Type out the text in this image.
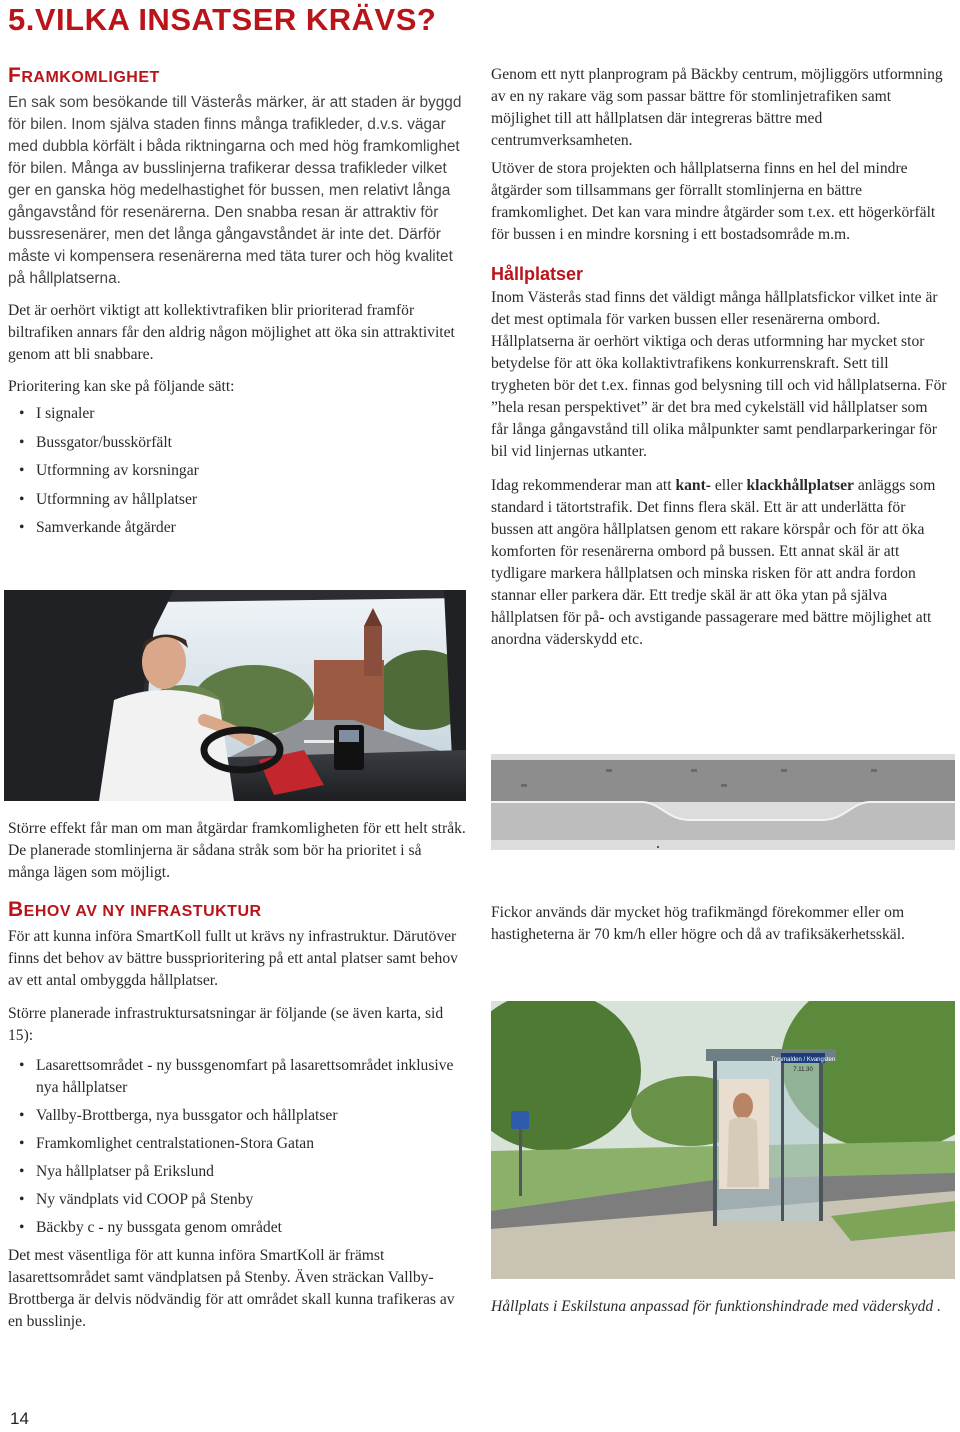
5.VILKA INSATSER KRÄVS?
FRAMKOMLIGHET

En sak som besökande till Västerås märker, är att staden är byggd för bilen. Inom själva staden finns många trafikleder, d.v.s. vägar med dubbla körfält i båda riktningarna och med hög framkomlighet för bilen. Många av busslinjerna trafikerar dessa trafikleder vilket ger en ganska hög medelhastighet för bussen, men relativt långa gångavstånd för resenärerna. Den snabba resan är attraktiv för bussresenärer, men det långa gångavståndet är inte det. Därför måste vi kompensera resenärerna med täta turer och hög kvalitet på hållplatserna.

Det är oerhört viktigt att kollektivtrafiken blir prioriterad framför biltrafiken annars får den aldrig någon möjlighet att öka sin attraktivitet genom att bli snabbare.

Prioritering kan ske på följande sätt:

• I signaler
• Bussgator/busskörfält
• Utformning av korsningar
• Utformning av hållplatser
• Samverkande åtgärder

Större effekt får man om man åtgärdar framkomligheten för ett helt stråk. De planerade stomlinjerna är sådana stråk som bör ha prioritet i så många lägen som möjligt.

BEHOV AV NY INFRASTUKTUR

För att kunna införa SmartKoll fullt ut krävs ny infrastruktur. Därutöver finns det behov av bättre bussprioritering på ett antal platser samt behov av ett antal ombyggda hållplatser.

Större planerade infrastruktursatsningar är följande (se även karta, sid 15):

• Lasarettsområdet - ny bussgenomfart på lasarettsområdet inklusive nya hållplatser
• Vallby-Brottberga, nya bussgator och hållplatser
• Framkomlighet centralstationen-Stora Gatan
• Nya hållplatser på Erikslund
• Ny vändplats vid COOP på Stenby
• Bäckby c - ny bussgata genom området

Det mest väsentliga för att kunna införa SmartKoll är främst lasarettsområdet samt vändplatsen på Stenby. Även sträckan Vallby-Brottberga är delvis nödvändig för att området skall kunna trafikeras av en busslinje.

Genom ett nytt planprogram på Bäckby centrum, möjliggörs utformning av en ny rakare väg som passar bättre för stomlinjetrafiken samt möjlighet till att hållplatsen där integreras bättre med centrumverksamheten.

Utöver de stora projekten och hållplatserna finns en hel del mindre åtgärder som tillsammans ger förrallt stomlinjerna en bättre framkomlighet. Det kan vara mindre åtgärder som t.ex. ett högerkörfält för bussen i en mindre korsning i ett bostadsområde m.m.

Hållplatser

Inom Västerås stad finns det väldigt många hållplatsfickor vilket inte är det mest optimala för varken bussen eller resenärerna ombord. Hållplatserna är oerhört viktiga och deras utformning har mycket stor betydelse för att öka kollaktivtrafikens konkurrenskraft. Sett till trygheten bör det t.ex. finnas god belysning till och vid hållplatserna. För ”hela resan perspektivet” är det bra med cykelställ vid hållplatser som får långa gångavstånd till olika målpunkter samt pendlarparkeringar för bil vid linjernas utkanter.

Idag rekommenderar man att kant- eller klackhållplatser anläggs som standard i tätortstrafik. Det finns flera skäl. Ett är att underlätta för bussen att angöra hållplatsen genom ett rakare körspår och för att öka komforten för resenärerna ombord på bussen. Ett annat skäl är att tydligare markera hållplatsen och minska risken för att andra fordon stannar eller parkera där. Ett tredje skäl är att öka ytan på själva hållplatsen för på- och avstigande passagerare med bättre möjlighet att anordna väderskydd etc.

Fickor används där mycket hög trafikmängd förekommer eller om hastigheterna är 70 km/h eller högre och då av trafiksäkerhetsskäl.

Torsmalden / Kvangsten
7.11.30

Hållplats i Eskilstuna anpassad för funktionshindrade med väderskydd .

14
